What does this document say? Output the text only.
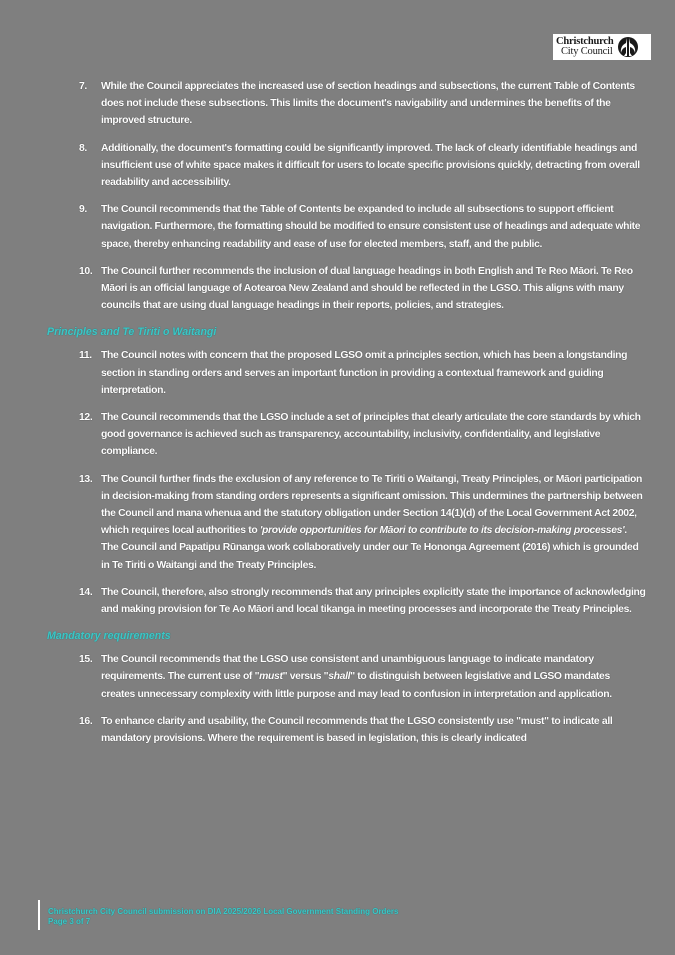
Christchurch
City Council
7. While the Council appreciates the increased use of section headings and subsections, the current Table of Contents does not include these subsections. This limits the document's navigability and undermines the benefits of the improved structure.
8. Additionally, the document's formatting could be significantly improved. The lack of clearly identifiable headings and insufficient use of white space makes it difficult for users to locate specific provisions quickly, detracting from overall readability and accessibility.
9. The Council recommends that the Table of Contents be expanded to include all subsections to support efficient navigation. Furthermore, the formatting should be modified to ensure consistent use of headings and adequate white space, thereby enhancing readability and ease of use for elected members, staff, and the public.
10. The Council further recommends the inclusion of dual language headings in both English and Te Reo Māori. Te Reo Māori is an official language of Aotearoa New Zealand and should be reflected in the LGSO. This aligns with many councils that are using dual language headings in their reports, policies, and strategies.
Principles and Te Tiriti o Waitangi
11. The Council notes with concern that the proposed LGSO omit a principles section, which has been a longstanding section in standing orders and serves an important function in providing a contextual framework and guiding interpretation.
12. The Council recommends that the LGSO include a set of principles that clearly articulate the core standards by which good governance is achieved such as transparency, accountability, inclusivity, confidentiality, and legislative compliance.
13. The Council further finds the exclusion of any reference to Te Tiriti o Waitangi, Treaty Principles, or Māori participation in decision-making from standing orders represents a significant omission. This undermines the partnership between the Council and mana whenua and the statutory obligation under Section 14(1)(d) of the Local Government Act 2002, which requires local authorities to 'provide opportunities for Māori to contribute to its decision-making processes'. The Council and Papatipu Rūnanga work collaboratively under our Te Hononga Agreement (2016) which is grounded in Te Tiriti o Waitangi and the Treaty Principles.
14. The Council, therefore, also strongly recommends that any principles explicitly state the importance of acknowledging and making provision for Te Ao Māori and local tikanga in meeting processes and incorporate the Treaty Principles.
Mandatory requirements
15. The Council recommends that the LGSO use consistent and unambiguous language to indicate mandatory requirements. The current use of "must" versus "shall" to distinguish between legislative and LGSO mandates creates unnecessary complexity with little purpose and may lead to confusion in interpretation and application.
16. To enhance clarity and usability, the Council recommends that the LGSO consistently use "must" to indicate all mandatory provisions. Where the requirement is based in legislation, this is clearly indicated
Christchurch City Council submission on DIA 2025/2026 Local Government Standing Orders
Page 3 of 7
